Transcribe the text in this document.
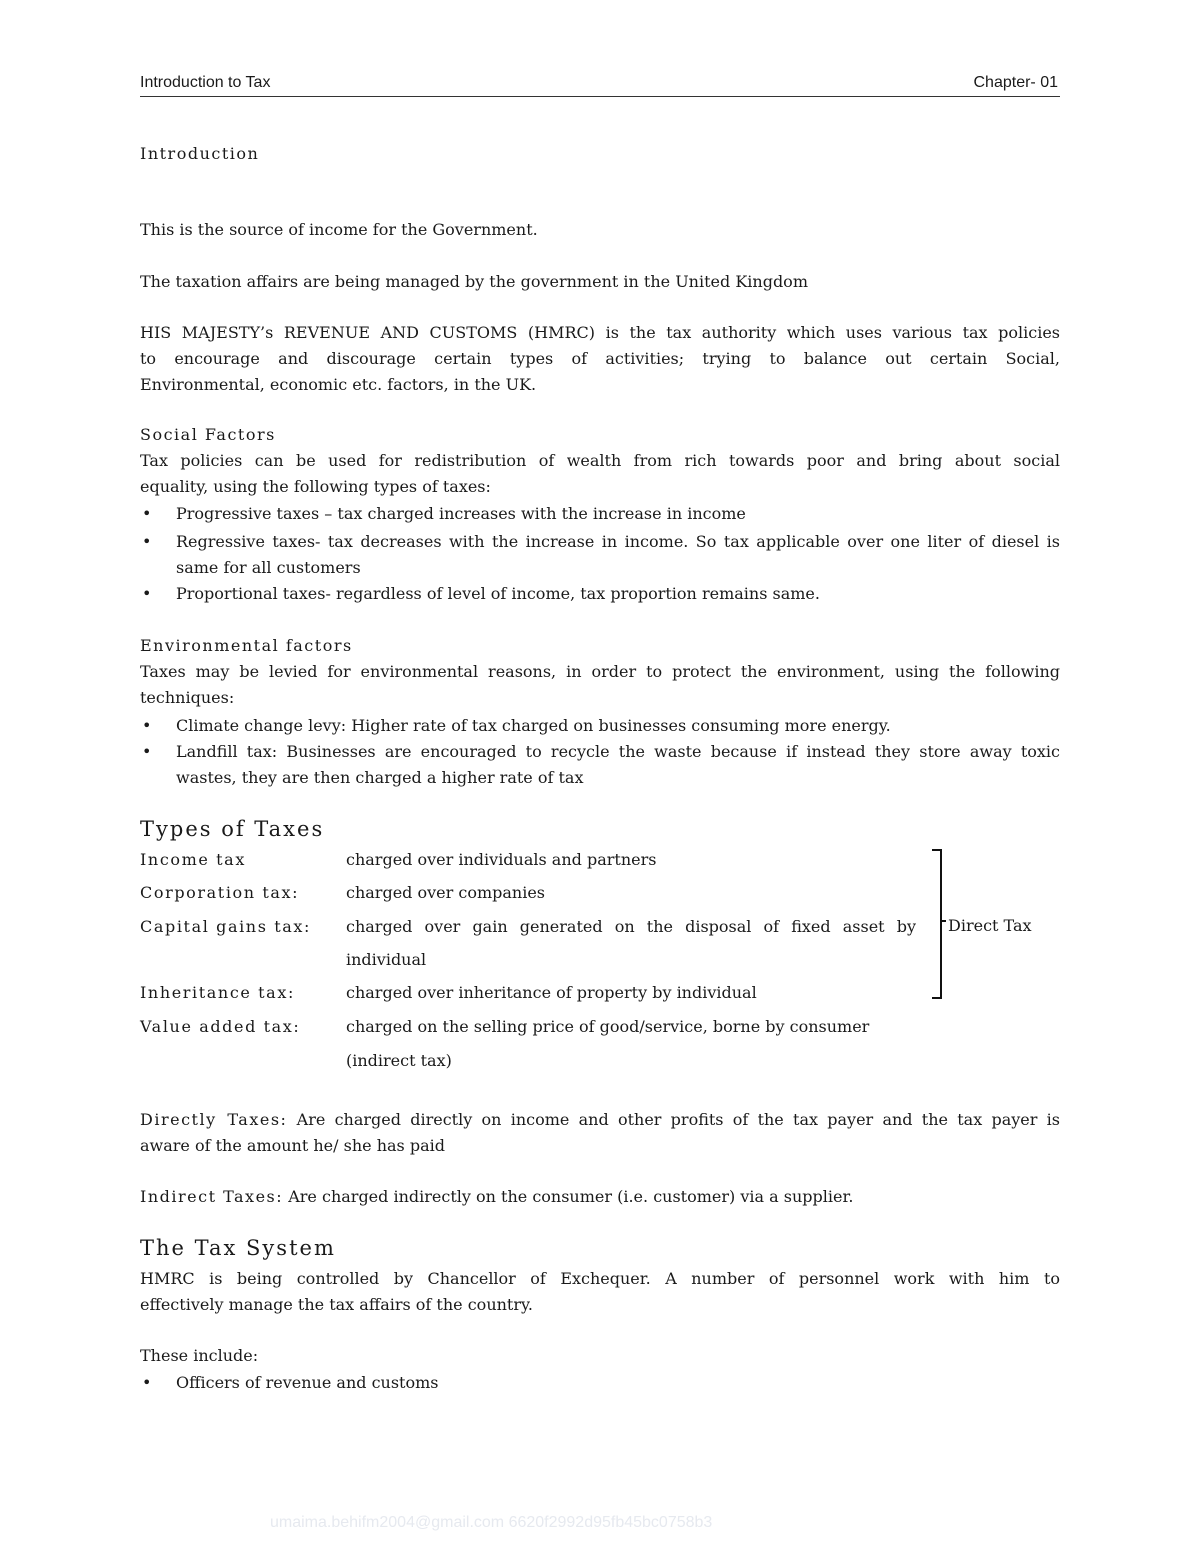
Introduction to Tax	Chapter- 01
Introduction
This is the source of income for the Government.
The taxation affairs are being managed by the government in the United Kingdom
HIS MAJESTY’s REVENUE AND CUSTOMS (HMRC) is the tax authority which uses various tax policies
to encourage and discourage certain types of activities; trying to balance out certain Social,
Environmental, economic etc. factors, in the UK.
Social Factors
Tax policies can be used for redistribution of wealth from rich towards poor and bring about social
equality, using the following types of taxes:
• Progressive taxes – tax charged increases with the increase in income
• Regressive taxes- tax decreases with the increase in income. So tax applicable over one liter of diesel is
same for all customers
• Proportional taxes- regardless of level of income, tax proportion remains same.
Environmental factors
Taxes may be levied for environmental reasons, in order to protect the environment, using the following
techniques:
• Climate change levy: Higher rate of tax charged on businesses consuming more energy.
• Landfill tax: Businesses are encouraged to recycle the waste because if instead they store away toxic
wastes, they are then charged a higher rate of tax
Types of Taxes
Income tax	charged over individuals and partners
Corporation tax:	charged over companies
Capital gains tax: charged over gain generated on the disposal of fixed asset by
individual
Inheritance tax:	charged over inheritance of property by individual
Value added tax:	charged on the selling price of good/service, borne by consumer
(indirect tax)
Direct Tax
Directly Taxes: Are charged directly on income and other profits of the tax payer and the tax payer is
aware of the amount he/ she has paid
Indirect Taxes: Are charged indirectly on the consumer (i.e. customer) via a supplier.
The Tax System
HMRC is being controlled by Chancellor of Exchequer. A number of personnel work with him to
effectively manage the tax affairs of the country.
These include:
• Officers of revenue and customs
umaima.behifm2004@gmail.com 6620f2992d95fb45bc0758b3
